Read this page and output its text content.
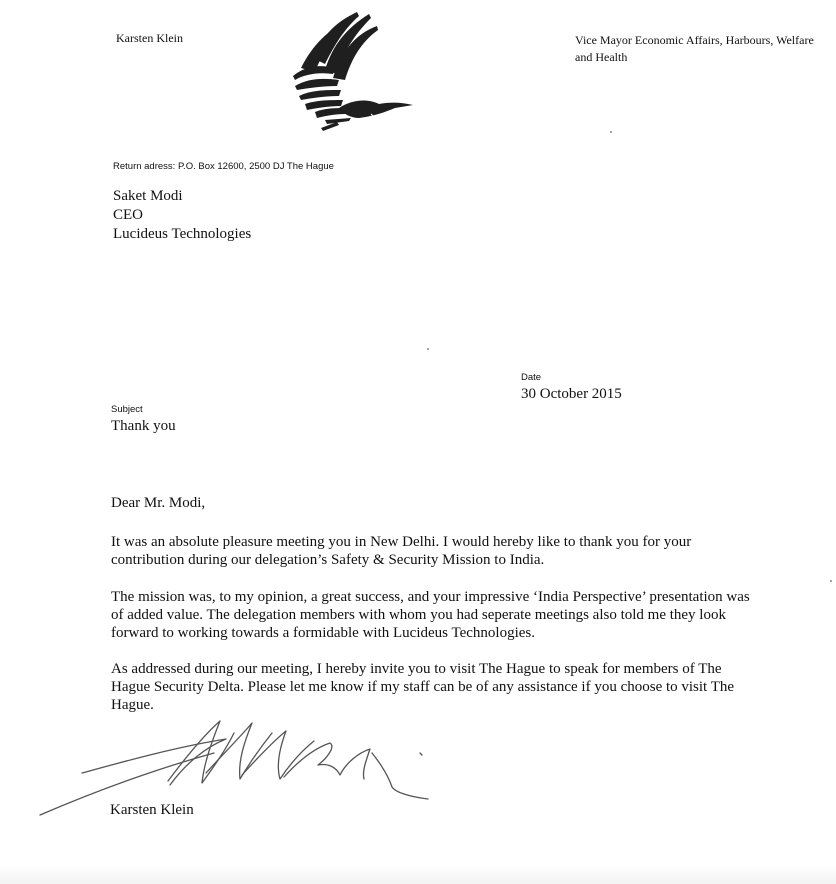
Karsten Klein	Vice Mayor Economic Affairs, Harbours, Welfare
and Health
Return adress: P.O. Box 12600, 2500 DJ The Hague
Saket Modi
CEO
Lucideus Technologies
Date
30 October 2015
Subject
Thank you
Dear Mr. Modi,
It was an absolute pleasure meeting you in New Delhi. I would hereby like to thank you for your
contribution during our delegation’s Safety & Security Mission to India.
The mission was, to my opinion, a great success, and your impressive ‘India Perspective’ presentation was
of added value. The delegation members with whom you had seperate meetings also told me they look
forward to working towards a formidable with Lucideus Technologies.
As addressed during our meeting, I hereby invite you to visit The Hague to speak for members of The
Hague Security Delta. Please let me know if my staff can be of any assistance if you choose to visit The
Hague.
Karsten Klein
